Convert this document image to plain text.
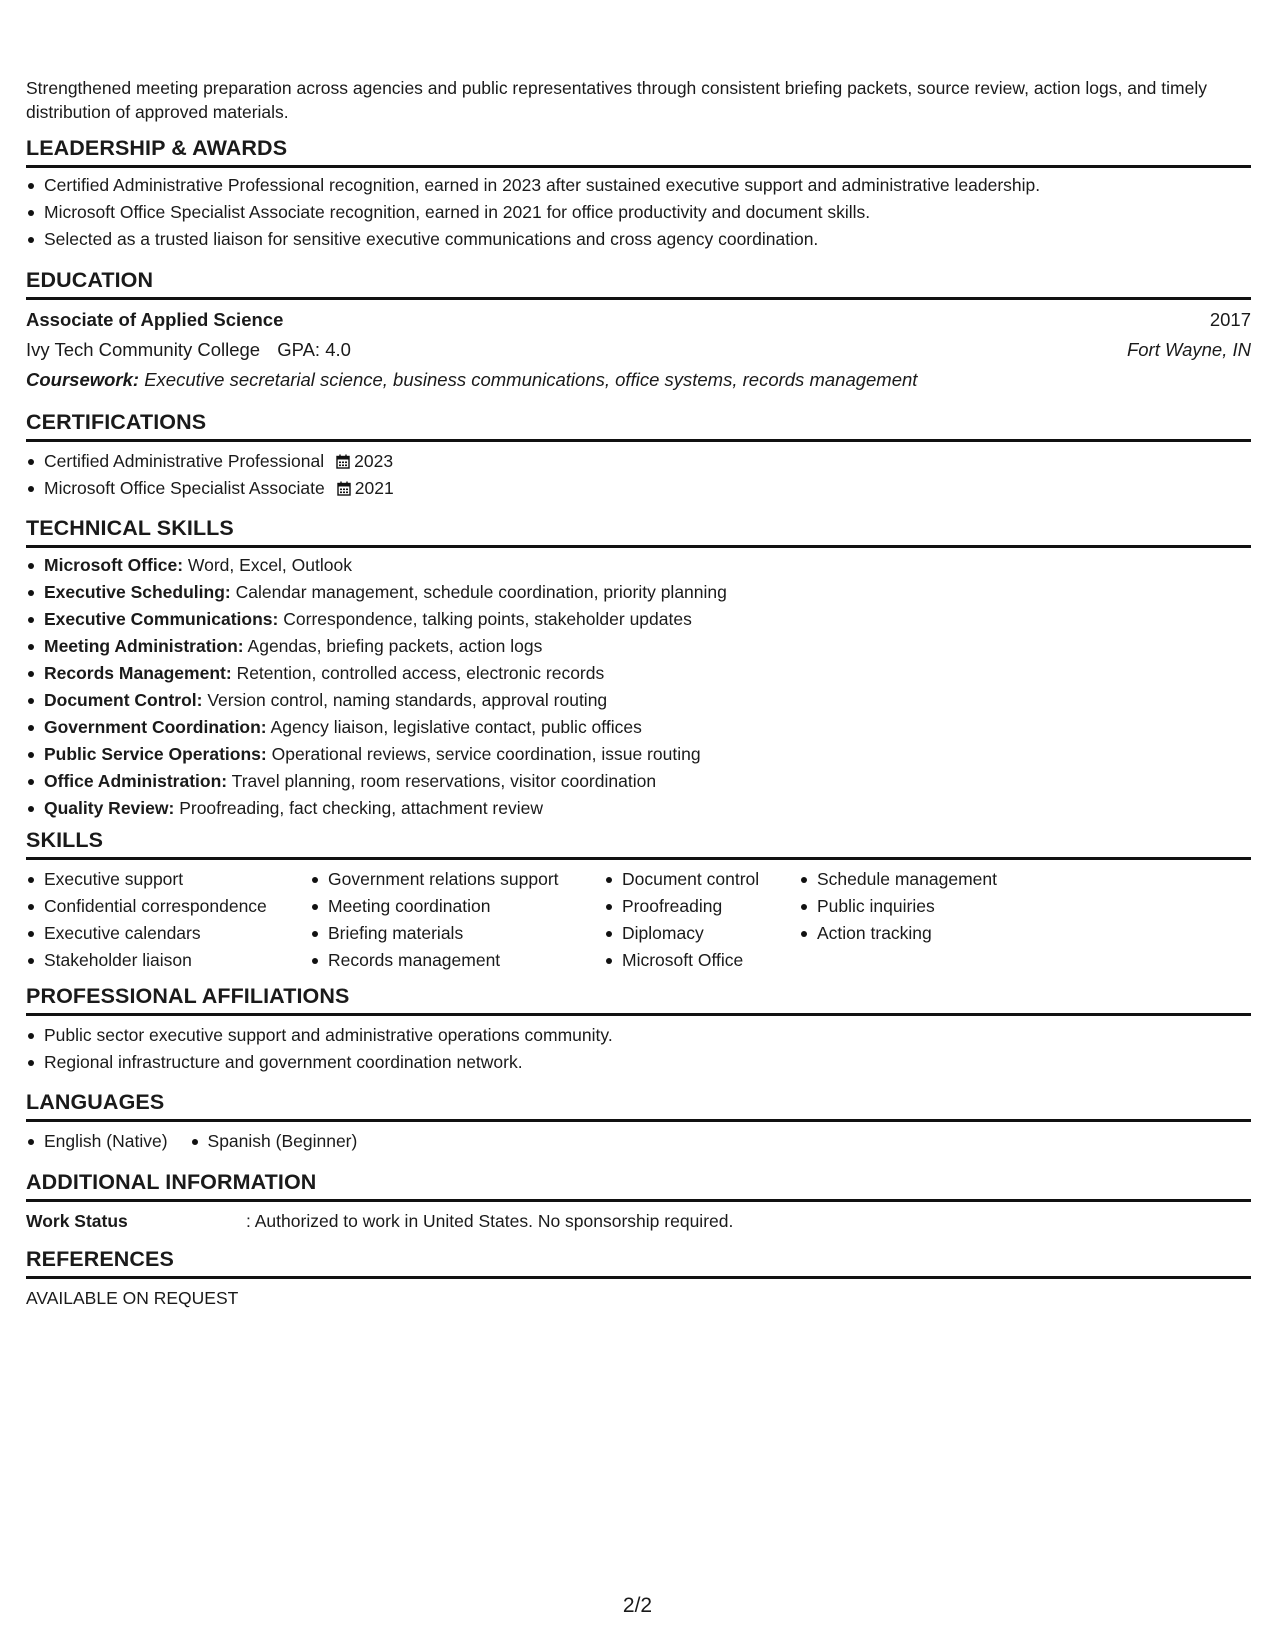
Strengthened meeting preparation across agencies and public representatives through consistent briefing packets, source review, action logs, and timely distribution of approved materials.
LEADERSHIP & AWARDS
Certified Administrative Professional recognition, earned in 2023 after sustained executive support and administrative leadership.
Microsoft Office Specialist Associate recognition, earned in 2021 for office productivity and document skills.
Selected as a trusted liaison for sensitive executive communications and cross agency coordination.
EDUCATION
Associate of Applied Science	2017
Ivy Tech Community College GPA: 4.0	Fort Wayne, IN
Coursework: Executive secretarial science, business communications, office systems, records management
CERTIFICATIONS
Certified Administrative Professional 2023
Microsoft Office Specialist Associate 2021
TECHNICAL SKILLS
Microsoft Office: Word, Excel, Outlook
Executive Scheduling: Calendar management, schedule coordination, priority planning
Executive Communications: Correspondence, talking points, stakeholder updates
Meeting Administration: Agendas, briefing packets, action logs
Records Management: Retention, controlled access, electronic records
Document Control: Version control, naming standards, approval routing
Government Coordination: Agency liaison, legislative contact, public offices
Public Service Operations: Operational reviews, service coordination, issue routing
Office Administration: Travel planning, room reservations, visitor coordination
Quality Review: Proofreading, fact checking, attachment review
SKILLS
Executive support
Confidential correspondence
Executive calendars
Stakeholder liaison
Government relations support
Meeting coordination
Briefing materials
Records management
Document control
Proofreading
Diplomacy
Microsoft Office
Schedule management
Public inquiries
Action tracking
PROFESSIONAL AFFILIATIONS
Public sector executive support and administrative operations community.
Regional infrastructure and government coordination network.
LANGUAGES
English (Native)	Spanish (Beginner)
ADDITIONAL INFORMATION
Work Status	: Authorized to work in United States. No sponsorship required.
REFERENCES
AVAILABLE ON REQUEST
2/2
